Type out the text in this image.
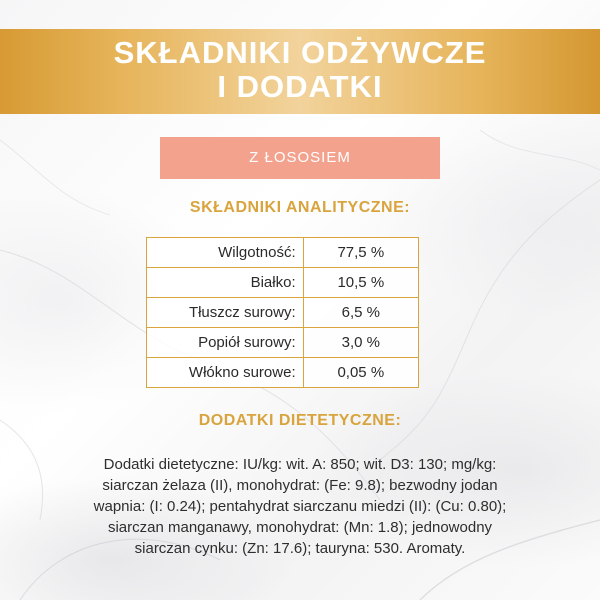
SKŁADNIKI ODŻYWCZE
I DODATKI
Z ŁOSOSIEM
SKŁADNIKI ANALITYCZNE:
Wilgotność:	77,5 %
Białko:	10,5 %
Tłuszcz surowy:	6,5 %
Popiół surowy:	3,0 %
Włókno surowe:	0,05 %
DODATKI DIETETYCZNE:
Dodatki dietetyczne: IU/kg: wit. A: 850; wit. D3: 130; mg/kg:
siarczan żelaza (II), monohydrat: (Fe: 9.8); bezwodny jodan
wapnia: (I: 0.24); pentahydrat siarczanu miedzi (II): (Cu: 0.80);
siarczan manganawy, monohydrat: (Mn: 1.8); jednowodny
siarczan cynku: (Zn: 17.6); tauryna: 530. Aromaty.
